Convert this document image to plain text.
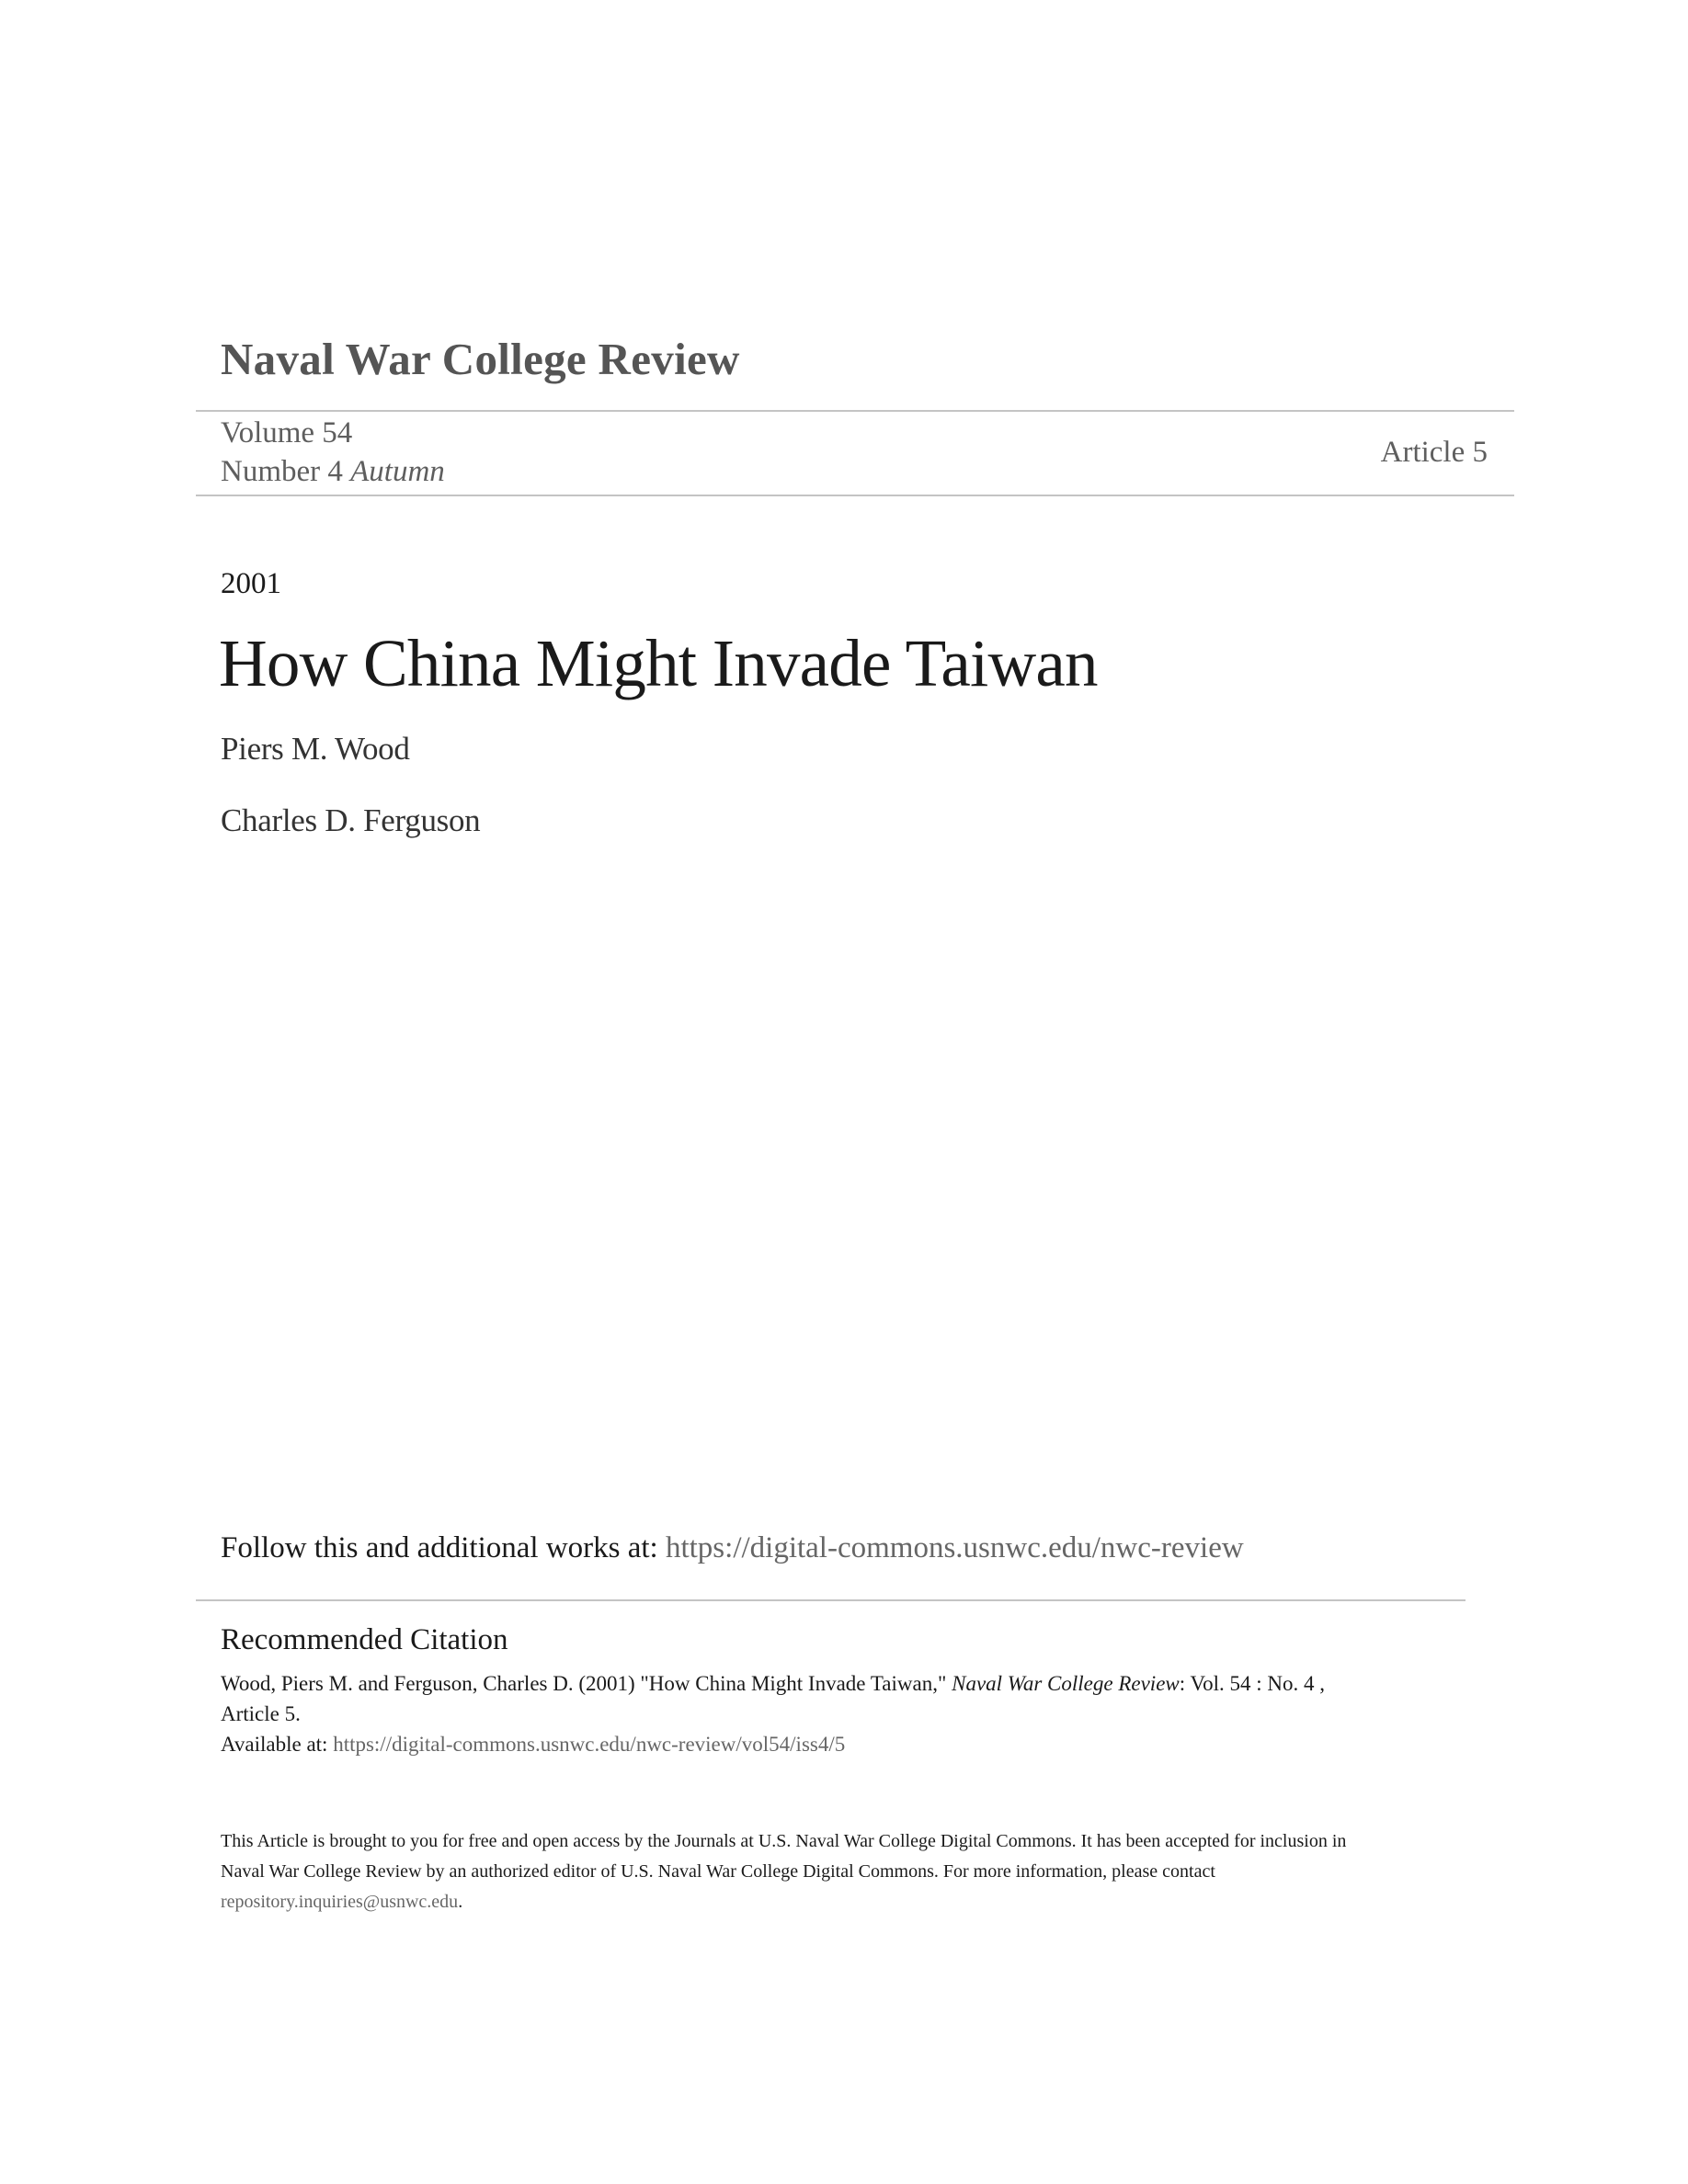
Naval War College Review
Volume 54
Number 4 Autumn
Article 5
2001
How China Might Invade Taiwan
Piers M. Wood
Charles D. Ferguson
Follow this and additional works at: https://digital-commons.usnwc.edu/nwc-review
Recommended Citation
Wood, Piers M. and Ferguson, Charles D. (2001) "How China Might Invade Taiwan," Naval War College Review: Vol. 54 : No. 4 ,
Article 5.
Available at: https://digital-commons.usnwc.edu/nwc-review/vol54/iss4/5
This Article is brought to you for free and open access by the Journals at U.S. Naval War College Digital Commons. It has been accepted for inclusion in
Naval War College Review by an authorized editor of U.S. Naval War College Digital Commons. For more information, please contact
repository.inquiries@usnwc.edu.
